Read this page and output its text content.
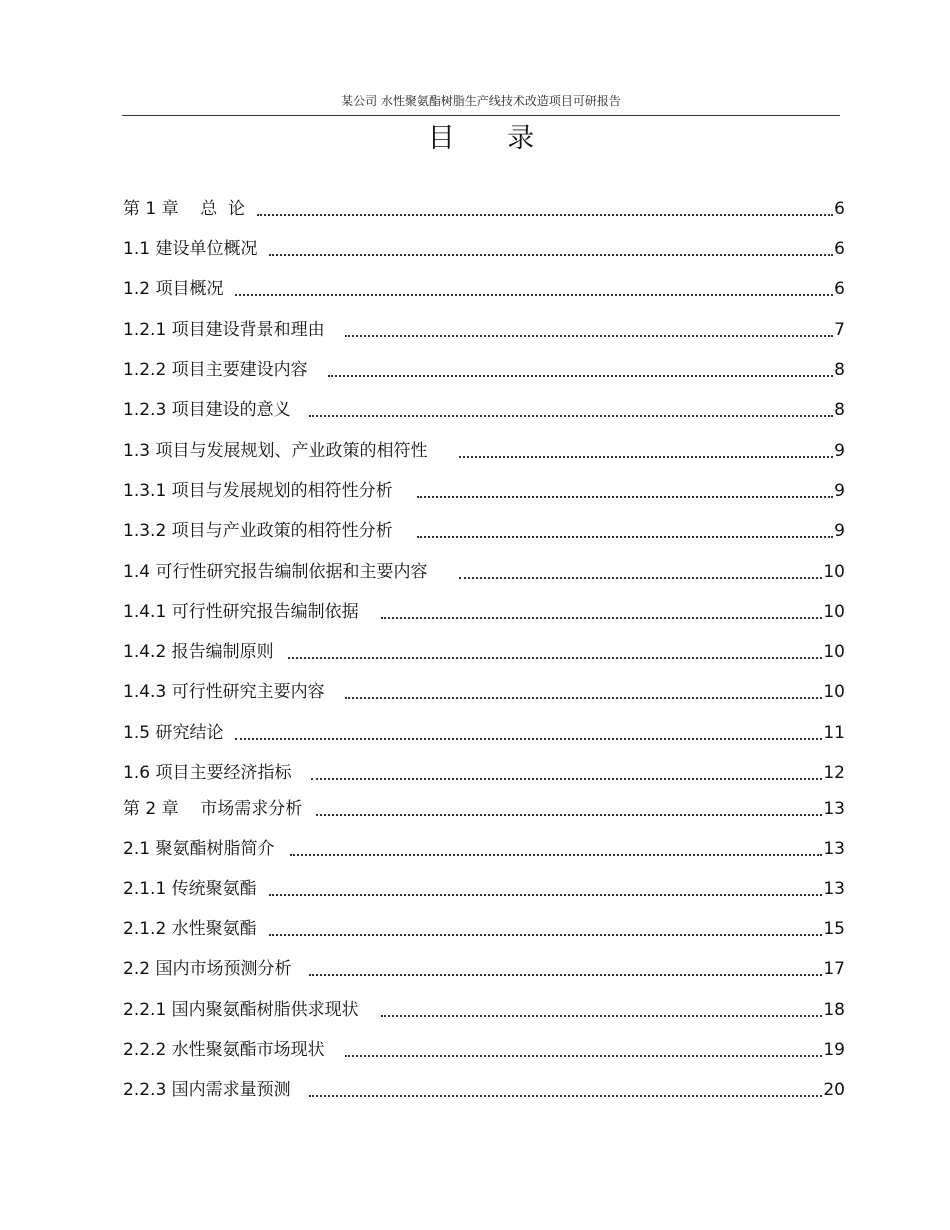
某公司 水性聚氨酯树脂生产线技术改造项目可研报告
目 录
第 1 章    总  论	6
1.1 建设单位概况	6
1.2 项目概况	6
1.2.1 项目建设背景和理由	7
1.2.2 项目主要建设内容	8
1.2.3 项目建设的意义	8
1.3 项目与发展规划、产业政策的相符性	9
1.3.1 项目与发展规划的相符性分析	9
1.3.2 项目与产业政策的相符性分析	9
1.4 可行性研究报告编制依据和主要内容	10
1.4.1 可行性研究报告编制依据	10
1.4.2 报告编制原则	10
1.4.3 可行性研究主要内容	10
1.5 研究结论	11
1.6 项目主要经济指标	12
第 2 章    市场需求分析	13
2.1 聚氨酯树脂简介	13
2.1.1 传统聚氨酯	13
2.1.2 水性聚氨酯	15
2.2 国内市场预测分析	17
2.2.1 国内聚氨酯树脂供求现状	18
2.2.2 水性聚氨酯市场现状	19
2.2.3 国内需求量预测	20
